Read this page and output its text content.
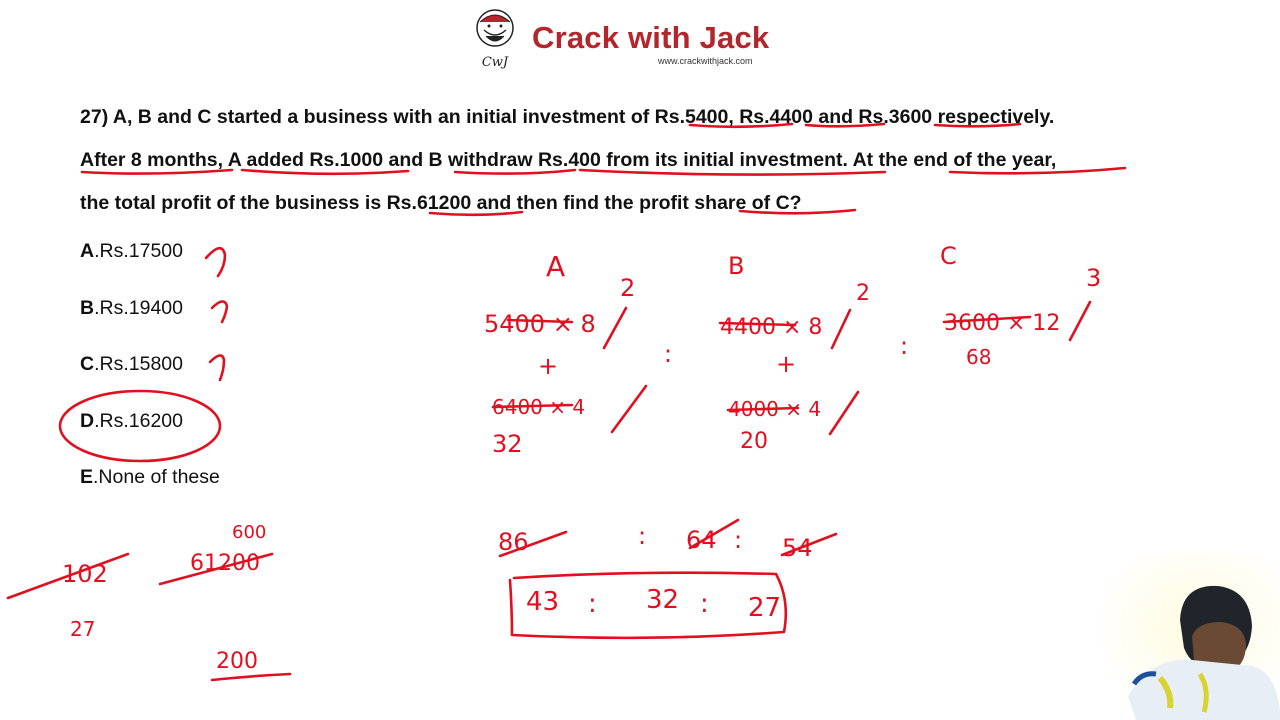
CwJ
Crack with Jack
www.crackwithjack.com
27) A, B and C started a business with an initial investment of Rs.5400, Rs.4400 and Rs.3600 respectively.
After 8 months, A added Rs.1000 and B withdraw Rs.400 from its initial investment. At the end of the year,
the total profit of the business is Rs.61200 and then find the profit share of C?
A.Rs.17500
B.Rs.19400
C.Rs.15800
D.Rs.16200
E.None of these
A	B	C
2	2
3
5400 × 8	4400 × 8	3600 × 12
+	+
:	:	68
6400 × 4	4000 × 4
32	20
86	: 64 : 54
43 : 32 : 27
600
102	61200
27
200
